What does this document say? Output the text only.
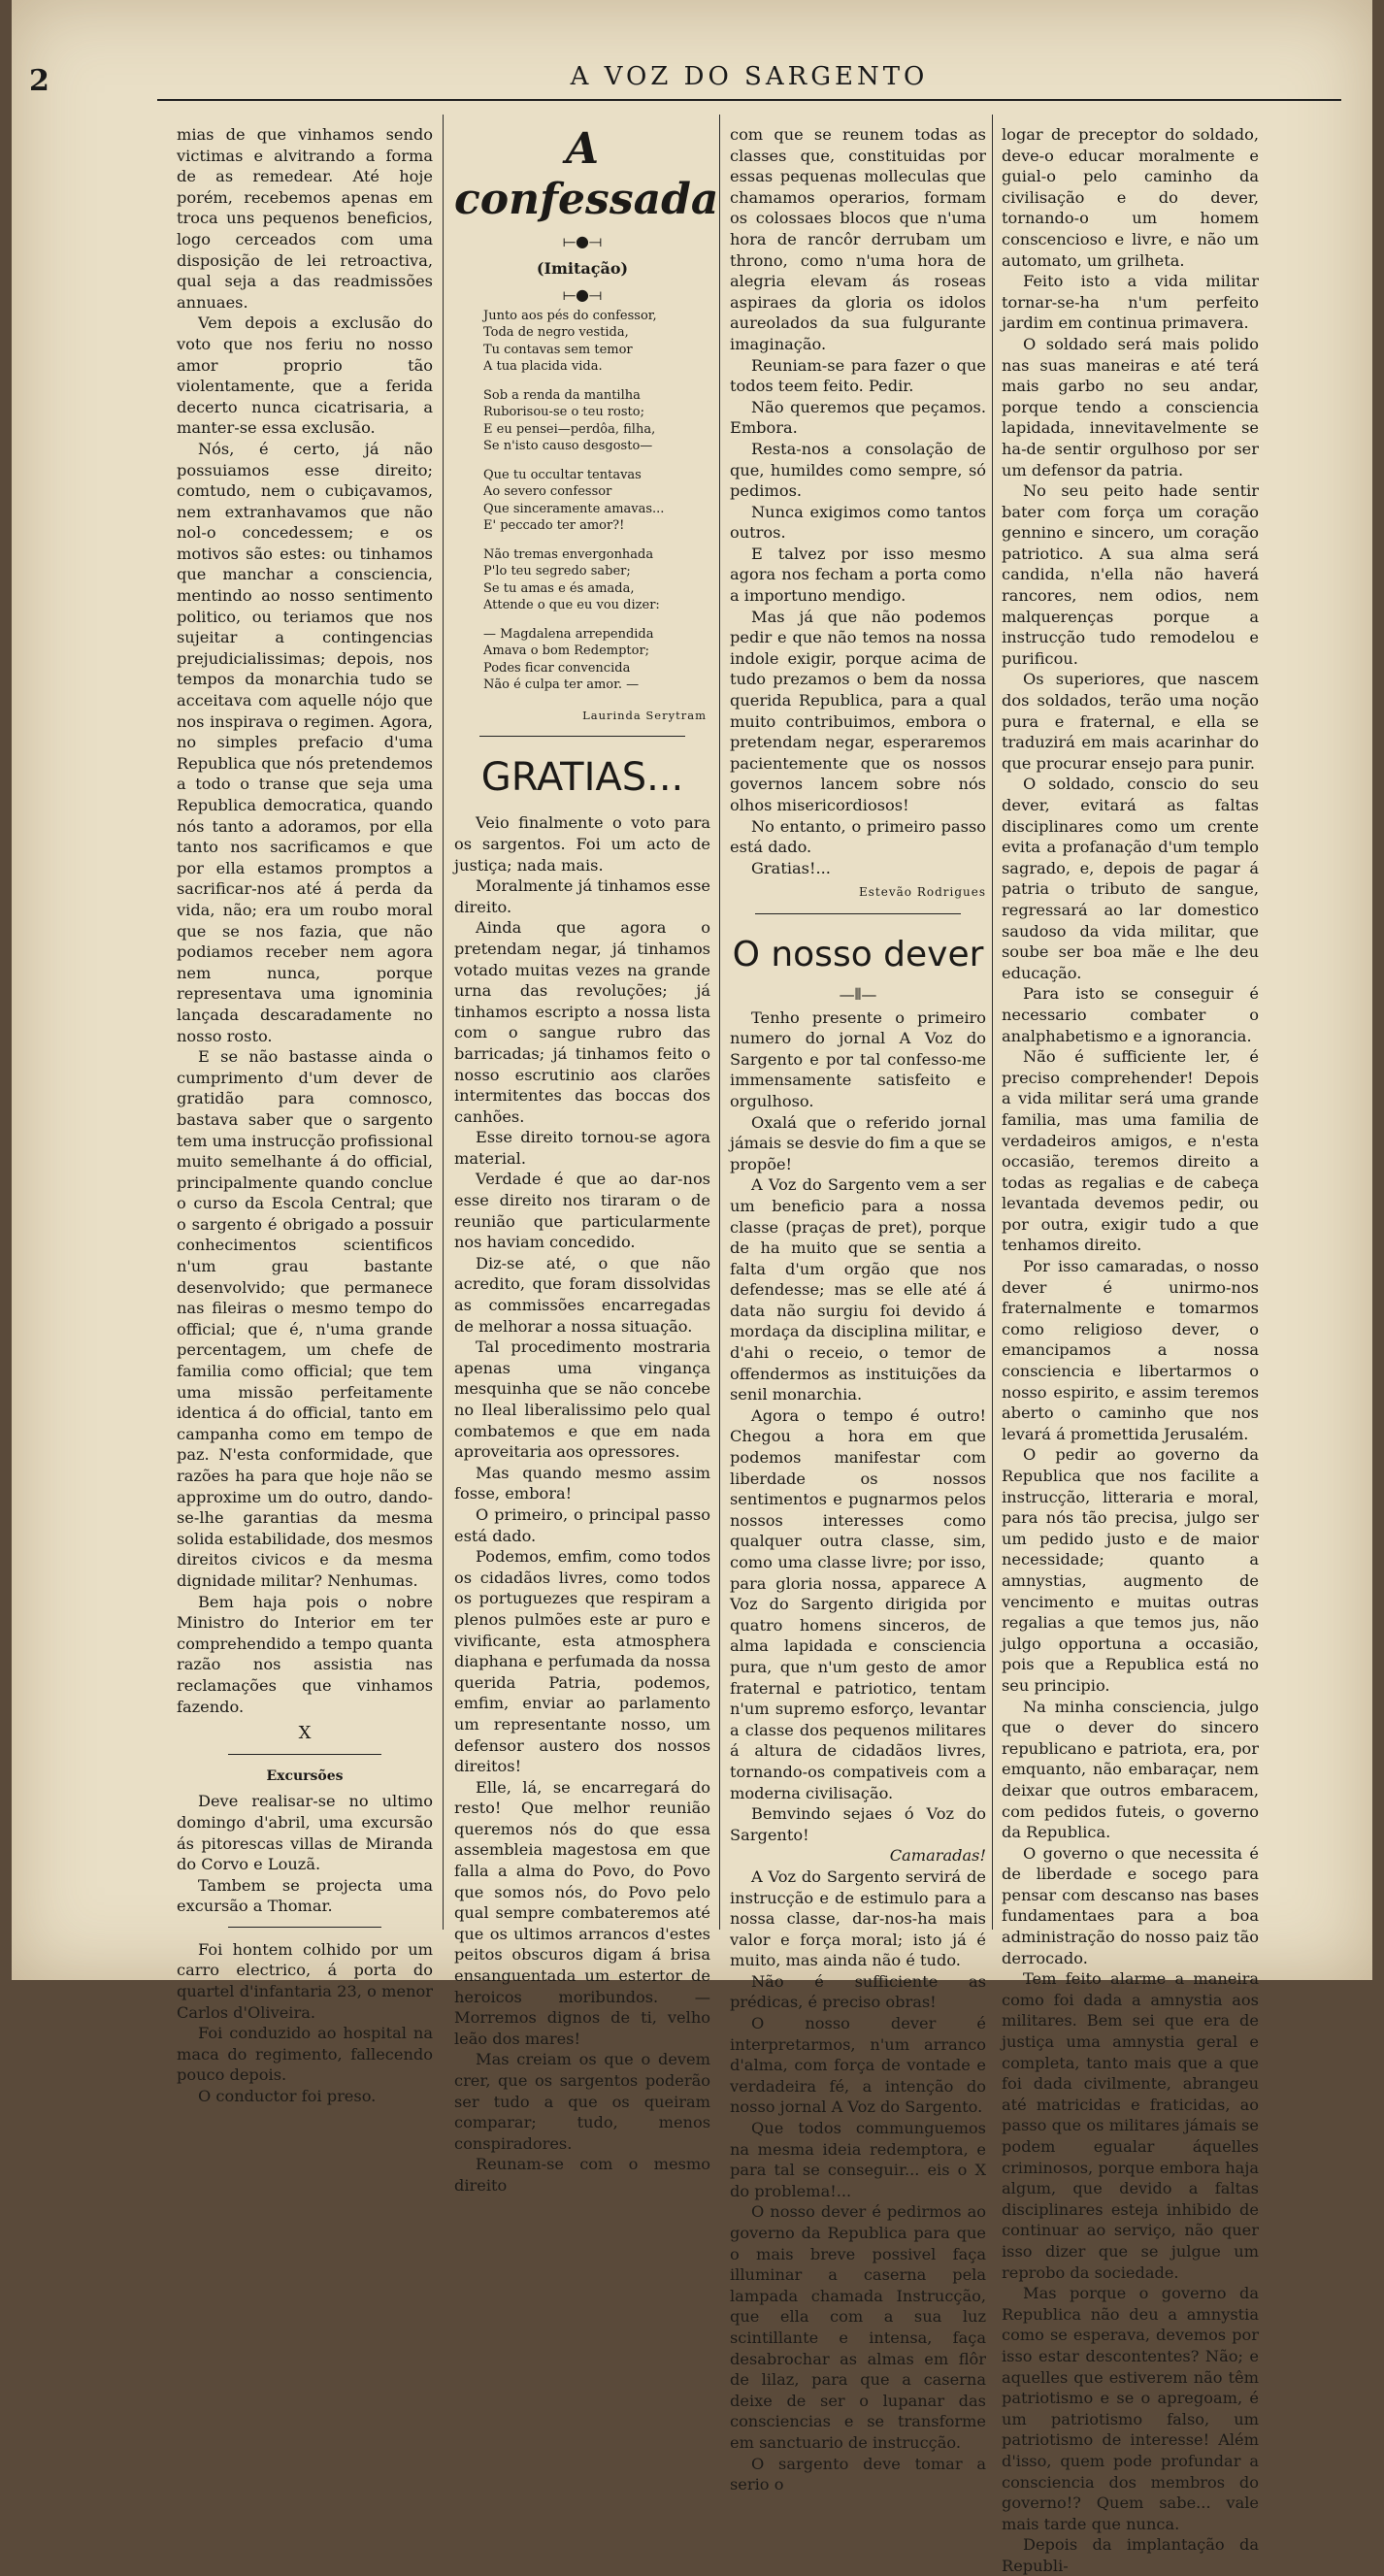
2	A VOZ DO SARGENTO

mias de que vinhamos sendo victimas e alvitrando a forma de as remedear. Até hoje porém, recebemos apenas em troca uns pequenos beneficios, logo cerceados com uma disposição de lei retroactiva, qual seja a das readmissões annuaes.

Vem depois a exclusão do voto que nos feriu no nosso amor proprio tão violentamente, que a ferida decerto nunca cicatrisaria, a manter-se essa exclusão.

Nós, é certo, já não possuiamos esse direito; comtudo, nem o cubiçavamos, nem extranhavamos que não nol-o concedessem; e os motivos são estes: ou tinhamos que manchar a consciencia, mentindo ao nosso sentimento politico, ou teriamos que nos sujeitar a contingencias prejudicialissimas; depois, nos tempos da monarchia tudo se acceitava com aquelle nójo que nos inspirava o regimen. Agora, no simples prefacio d'uma Republica que nós pretendemos a todo o transe que seja uma Republica democratica, quando nós tanto a adoramos, por ella tanto nos sacrificamos e que por ella estamos promptos a sacrificar-nos até á perda da vida, não; era um roubo moral que se nos fazia, que não podiamos receber nem agora nem nunca, porque representava uma ignominia lançada descaradamente no nosso rosto.

E se não bastasse ainda o cumprimento d'um dever de gratidão para comnosco, bastava saber que o sargento tem uma instrucção profissional muito semelhante á do official, principalmente quando conclue o curso da Escola Central; que o sargento é obrigado a possuir conhecimentos scientificos n'um grau bastante desenvolvido; que permanece nas fileiras o mesmo tempo do official; que é, n'uma grande percentagem, um chefe de familia como official; que tem uma missão perfeitamente identica á do official, tanto em campanha como em tempo de paz. N'esta conformidade, que razões ha para que hoje não se approxime um do outro, dando-se-lhe garantias da mesma solida estabilidade, dos mesmos direitos civicos e da mesma dignidade militar? Nenhumas.

Bem haja pois o nobre Ministro do Interior em ter comprehendido a tempo quanta razão nos assistia nas reclamações que vinhamos fazendo.

X
Excursões

Deve realisar-se no ultimo domingo d'abril, uma excursão ás pitorescas villas de Miranda do Corvo e Louzã.

Tambem se projecta uma excursão a Thomar.

Foi hontem colhido por um carro electrico, á porta do quartel d'infantaria 23, o menor Carlos d'Oliveira.

Foi conduzido ao hospital na maca do regimento, fallecendo pouco depois.

O conductor foi preso.

A confessada
⟝●⟞
(Imitação)
⟝●⟞
Junto aos pés do confessor,
Toda de negro vestida,
Tu contavas sem temor
A tua placida vida.
Sob a renda da mantilha
Ruborisou-se o teu rosto;
E eu pensei—perdôa, filha,
Se n'isto causo desgosto—
Que tu occultar tentavas
Ao severo confessor
Que sinceramente amavas...
E' peccado ter amor?!
Não tremas envergonhada
P'lo teu segredo saber;
Se tu amas e és amada,
Attende o que eu vou dizer:
— Magdalena arrependida
Amava o bom Redemptor;
Podes ficar convencida
Não é culpa ter amor. —
Laurinda Serytram
GRATIAS...

Veio finalmente o voto para os sargentos. Foi um acto de justiça; nada mais.

Moralmente já tinhamos esse direito.

Ainda que agora o pretendam negar, já tinhamos votado muitas vezes na grande urna das revoluções; já tinhamos escripto a nossa lista com o sangue rubro das barricadas; já tinhamos feito o nosso escrutinio aos clarões intermitentes das boccas dos canhões.

Esse direito tornou-se agora material.

Verdade é que ao dar-nos esse direito nos tiraram o de reunião que particularmente nos haviam concedido.

Diz-se até, o que não acredito, que foram dissolvidas as commissões encarregadas de melhorar a nossa situação.

Tal procedimento mostraria apenas uma vingança mesquinha que se não concebe no Ileal liberalissimo pelo qual combatemos e que em nada aproveitaria aos opressores.

Mas quando mesmo assim fosse, embora!

O primeiro, o principal passo está dado.

Podemos, emfim, como todos os cidadãos livres, como todos os portuguezes que respiram a plenos pulmões este ar puro e vivificante, esta atmosphera diaphana e perfumada da nossa querida Patria, podemos, emfim, enviar ao parlamento um representante nosso, um defensor austero dos nossos direitos!

Elle, lá, se encarregará do resto! Que melhor reunião queremos nós do que essa assembleia magestosa em que falla a alma do Povo, do Povo que somos nós, do Povo pelo qual sempre combateremos até que os ultimos arrancos d'estes peitos obscuros digam á brisa ensanguentada um estertor de heroicos moribundos. — Morremos dignos de ti, velho leão dos mares!

Mas creiam os que o devem crer, que os sargentos poderão ser tudo a que os queiram comparar; tudo, menos conspiradores.

Reunam-se com o mesmo direito

com que se reunem todas as classes que, constituidas por essas pequenas molleculas que chamamos operarios, formam os colossaes blocos que n'uma hora de rancôr derrubam um throno, como n'uma hora de alegria elevam ás roseas aspiraes da gloria os idolos aureolados da sua fulgurante imaginação.

Reuniam-se para fazer o que todos teem feito. Pedir.

Não queremos que peçamos. Embora.

Resta-nos a consolação de que, humildes como sempre, só pedimos.

Nunca exigimos como tantos outros.

E talvez por isso mesmo agora nos fecham a porta como a importuno mendigo.

Mas já que não podemos pedir e que não temos na nossa indole exigir, porque acima de tudo prezamos o bem da nossa querida Republica, para a qual muito contribuimos, embora o pretendam negar, esperaremos pacientemente que os nossos governos lancem sobre nós olhos misericordiosos!

No entanto, o primeiro passo está dado.

Gratias!...

Estevão Rodrigues
O nosso dever
—⫴—

Tenho presente o primeiro numero do jornal A Voz do Sargento e por tal confesso-me immensamente satisfeito e orgulhoso.

Oxalá que o referido jornal jámais se desvie do fim a que se propõe!

A Voz do Sargento vem a ser um beneficio para a nossa classe (praças de pret), porque de ha muito que se sentia a falta d'um orgão que nos defendesse; mas se elle até á data não surgiu foi devido á mordaça da disciplina militar, e d'ahi o receio, o temor de offendermos as instituições da senil monarchia.

Agora o tempo é outro! Chegou a hora em que podemos manifestar com liberdade os nossos sentimentos e pugnarmos pelos nossos interesses como qualquer outra classe, sim, como uma classe livre; por isso, para gloria nossa, apparece A Voz do Sargento dirigida por quatro homens sinceros, de alma lapidada e consciencia pura, que n'um gesto de amor fraternal e patriotico, tentam n'um supremo esforço, levantar a classe dos pequenos militares á altura de cidadãos livres, tornando-os compativeis com a moderna civilisação.

Bemvindo sejaes ó Voz do Sargento!

Camaradas!

A Voz do Sargento servirá de instrucção e de estimulo para a nossa classe, dar-nos-ha mais valor e força moral; isto já é muito, mas ainda não é tudo.

Não é sufficiente as prédicas, é preciso obras!

O nosso dever é interpretarmos, n'um arranco d'alma, com força de vontade e verdadeira fé, a intenção do nosso jornal A Voz do Sargento.

Que todos communguemos na mesma ideia redemptora, e para tal se conseguir... eis o X do problema!...

O nosso dever é pedirmos ao governo da Republica para que o mais breve possivel faça illuminar a caserna pela lampada chamada Instrucção, que ella com a sua luz scintillante e intensa, faça desabrochar as almas em flôr de lilaz, para que a caserna deixe de ser o lupanar das consciencias e se transforme em sanctuario de instrucção.

O sargento deve tomar a serio o

logar de preceptor do soldado, deve-o educar moralmente e guial-o pelo caminho da civilisação e do dever, tornando-o um homem conscencioso e livre, e não um automato, um grilheta.

Feito isto a vida militar tornar-se-ha n'um perfeito jardim em continua primavera.

O soldado será mais polido nas suas maneiras e até terá mais garbo no seu andar, porque tendo a consciencia lapidada, innevitavelmente se ha-de sentir orgulhoso por ser um defensor da patria.

No seu peito hade sentir bater com força um coração gennino e sincero, um coração patriotico. A sua alma será candida, n'ella não haverá rancores, nem odios, nem malquerenças porque a instrucção tudo remodelou e purificou.

Os superiores, que nascem dos soldados, terão uma noção pura e fraternal, e ella se traduzirá em mais acarinhar do que procurar ensejo para punir.

O soldado, conscio do seu dever, evitará as faltas disciplinares como um crente evita a profanação d'um templo sagrado, e, depois de pagar á patria o tributo de sangue, regressará ao lar domestico saudoso da vida militar, que soube ser boa mãe e lhe deu educação.

Para isto se conseguir é necessario combater o analphabetismo e a ignorancia.

Não é sufficiente ler, é preciso comprehender! Depois a vida militar será uma grande familia, mas uma familia de verdadeiros amigos, e n'esta occasião, teremos direito a todas as regalias e de cabeça levantada devemos pedir, ou por outra, exigir tudo a que tenhamos direito.

Por isso camaradas, o nosso dever é unirmo-nos fraternalmente e tomarmos como religioso dever, o emancipamos a nossa consciencia e libertarmos o nosso espirito, e assim teremos aberto o caminho que nos levará á promettida Jerusalém.

O pedir ao governo da Republica que nos facilite a instrucção, litteraria e moral, para nós tão precisa, julgo ser um pedido justo e de maior necessidade; quanto a amnystias, augmento de vencimento e muitas outras regalias a que temos jus, não julgo opportuna a occasião, pois que a Republica está no seu principio.

Na minha consciencia, julgo que o dever do sincero republicano e patriota, era, por emquanto, não embaraçar, nem deixar que outros embaracem, com pedidos futeis, o governo da Republica.

O governo o que necessita é de liberdade e socego para pensar com descanso nas bases fundamentaes para a boa administração do nosso paiz tão derrocado.

Tem feito alarme a maneira como foi dada a amnystia aos militares. Bem sei que era de justiça uma amnystia geral e completa, tanto mais que a que foi dada civilmente, abrangeu até matricidas e fraticidas, ao passo que os militares jámais se podem egualar áquelles criminosos, porque embora haja algum, que devido a faltas disciplinares esteja inhibido de continuar ao serviço, não quer isso dizer que se julgue um reprobo da sociedade.

Mas porque o governo da Republica não deu a amnystia como se esperava, devemos por isso estar descontentes? Não; e aquelles que estiverem não têm patriotismo e se o apregoam, é um patriotismo falso, um patriotismo de interesse! Além d'isso, quem pode profundar a consciencia dos membros do governo!? Quem sabe... vale mais tarde que nunca.

Depois da implantação da Republi-
